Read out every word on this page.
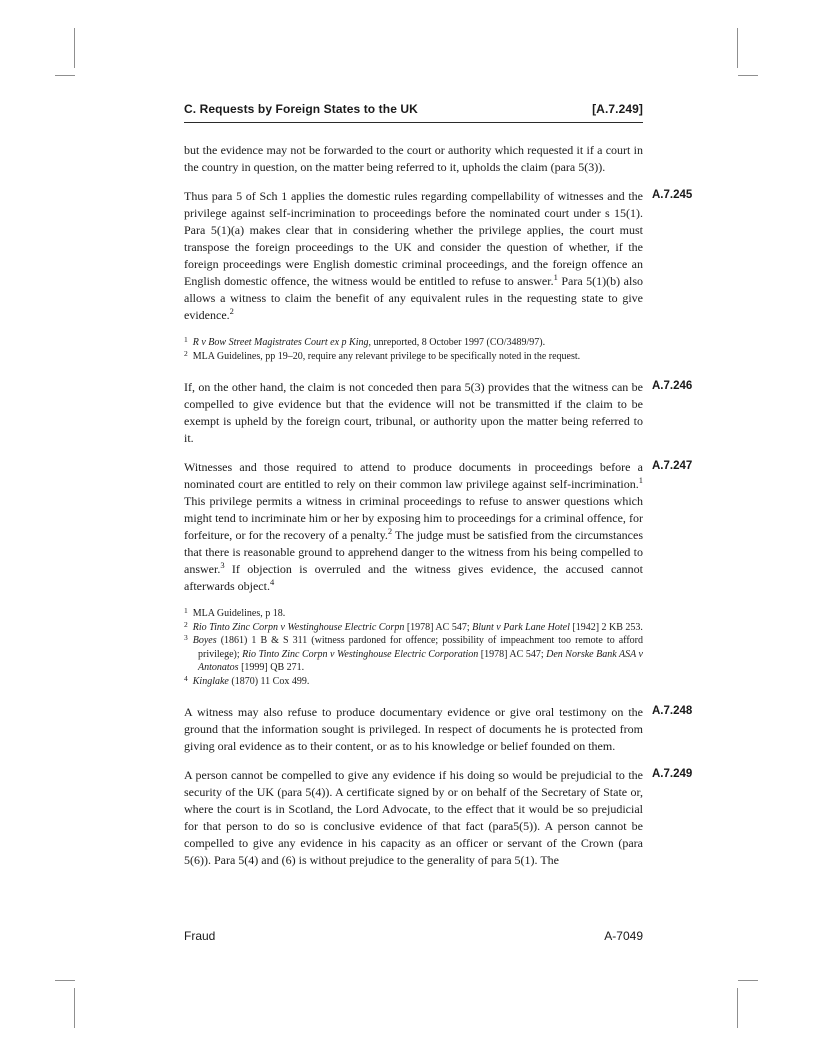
C. Requests by Foreign States to the UK	[A.7.249]

but the evidence may not be forwarded to the court or authority which requested it if a court in the country in question, on the matter being referred to it, upholds the claim (para 5(3)).

Thus para 5 of Sch 1 applies the domestic rules regarding compellability of witnesses and the privilege against self-incrimination to proceedings before the nominated court under s 15(1). Para 5(1)(a) makes clear that in considering whether the privilege applies, the court must transpose the foreign proceedings to the UK and consider the question of whether, if the foreign proceedings were English domestic criminal proceedings, and the foreign offence an English domestic offence, the witness would be entitled to refuse to answer.$^1$ Para 5(1)(b) also allows a witness to claim the benefit of any equivalent rules in the requesting state to give evidence.$^2$

A.7.245

$^1$ R v Bow Street Magistrates Court ex p King, unreported, 8 October 1997 (CO/3489/97).

$^2$ MLA Guidelines, pp 19–20, require any relevant privilege to be specifically noted in the request.

If, on the other hand, the claim is not conceded then para 5(3) provides that the witness can be compelled to give evidence but that the evidence will not be transmitted if the claim to be exempt is upheld by the foreign court, tribunal, or authority upon the matter being referred to it.

A.7.246

Witnesses and those required to attend to produce documents in proceedings before a nominated court are entitled to rely on their common law privilege against self-incrimination.$^1$ This privilege permits a witness in criminal proceedings to refuse to answer questions which might tend to incriminate him or her by exposing him to proceedings for a criminal offence, for forfeiture, or for the recovery of a penalty.$^2$ The judge must be satisfied from the circumstances that there is reasonable ground to apprehend danger to the witness from his being compelled to answer.$^3$ If objection is overruled and the witness gives evidence, the accused cannot afterwards object.$^4$

A.7.247

$^1$ MLA Guidelines, p 18.

$^2$ Rio Tinto Zinc Corpn v Westinghouse Electric Corpn [1978] AC 547; Blunt v Park Lane Hotel [1942] 2 KB 253.

$^3$ Boyes (1861) 1 B & S 311 (witness pardoned for offence; possibility of impeachment too remote to afford privilege); Rio Tinto Zinc Corpn v Westinghouse Electric Corporation [1978] AC 547; Den Norske Bank ASA v Antonatos [1999] QB 271.

$^4$ Kinglake (1870) 11 Cox 499.

A witness may also refuse to produce documentary evidence or give oral testimony on the ground that the information sought is privileged. In respect of documents he is protected from giving oral evidence as to their content, or as to his knowledge or belief founded on them.

A.7.248

A person cannot be compelled to give any evidence if his doing so would be prejudicial to the security of the UK (para 5(4)). A certificate signed by or on behalf of the Secretary of State or, where the court is in Scotland, the Lord Advocate, to the effect that it would be so prejudicial for that person to do so is conclusive evidence of that fact (para5(5)). A person cannot be compelled to give any evidence in his capacity as an officer or servant of the Crown (para 5(6)). Para 5(4) and (6) is without prejudice to the generality of para 5(1). The

A.7.249
Fraud	A-7049
